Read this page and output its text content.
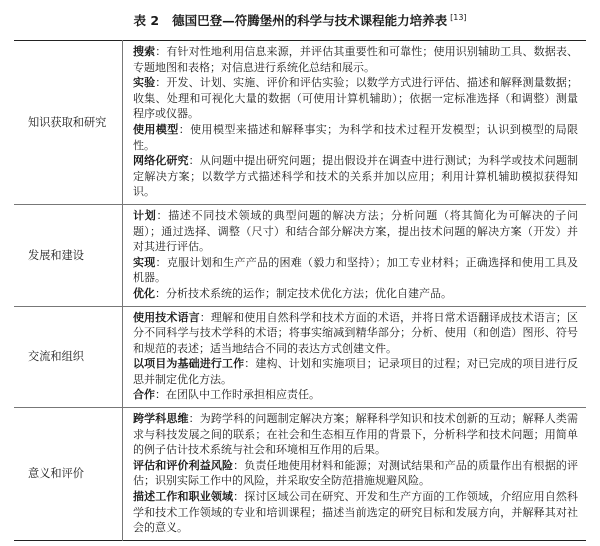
表 2 德国巴登—符腾堡州的科学与技术课程能力培养表 [13]
知识获取和研究	搜索：有针对性地利用信息来源，并评估其重要性和可靠性；使用识别辅助工具、数据表、专题地图和表格；对信息进行系统化总结和展示。

实验：开发、计划、实施、评价和评估实验；以数学方式进行评估、描述和解释测量数据；收集、处理和可视化大量的数据（可使用计算机辅助）；依据一定标准选择（和调整）测量程序或仪器。

使用模型：使用模型来描述和解释事实；为科学和技术过程开发模型；认识到模型的局限性。

网络化研究：从问题中提出研究问题；提出假设并在调查中进行测试；为科学或技术问题制定解决方案；以数学方式描述科学和技术的关系并加以应用；利用计算机辅助模拟获得知识。

发展和建设	计划：描述不同技术领域的典型问题的解决方法；分析问题（将其简化为可解决的子问题）；通过选择、调整（尺寸）和结合部分解决方案，提出技术问题的解决方案（开发）并对其进行评估。

实现：克服计划和生产产品的困难（毅力和坚持）；加工专业材料；正确选择和使用工具及机器。

优化：分析技术系统的运作；制定技术优化方法；优化自建产品。

交流和组织	使用技术语言：理解和使用自然科学和技术方面的术语，并将日常术语翻译成技术语言；区分不同科学与技术学科的术语；将事实缩减到精华部分；分析、使用（和创造）图形、符号和规范的表述；适当地结合不同的表达方式创建文件。

以项目为基础进行工作：建构、计划和实施项目；记录项目的过程；对已完成的项目进行反思并制定优化方法。

合作：在团队中工作时承担相应责任。

意义和评价	跨学科思维：为跨学科的问题制定解决方案；解释科学知识和技术创新的互动；解释人类需求与科技发展之间的联系；在社会和生态相互作用的背景下，分析科学和技术问题；用简单的例子估计技术系统与社会和环境相互作用的后果。

评估和评价利益风险：负责任地使用材料和能源；对测试结果和产品的质量作出有根据的评估；识别实际工作中的风险，并采取安全防范措施规避风险。

描述工作和职业领域：探讨区域公司在研究、开发和生产方面的工作领域，介绍应用自然科学和技术工作领域的专业和培训课程；描述当前选定的研究目标和发展方向，并解释其对社会的意义。
